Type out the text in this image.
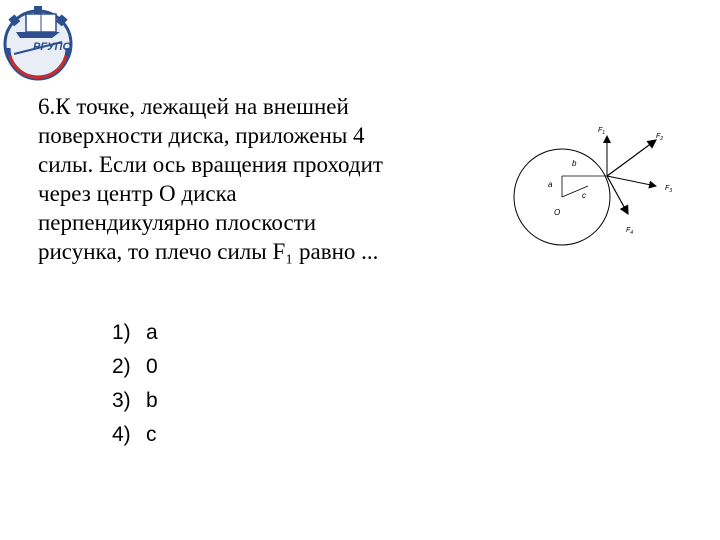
РГУПС
6.К точке, лежащей на внешней
поверхности диска, приложены 4
силы. Если ось вращения проходит
через центр О диска
перпендикулярно плоскости
рисунка, то плечо силы F₁ равно ...
1) a
2) 0
3) b
4) c
a
b
c
O
$F_1$	$F_2$
$F_3$
$F_4$
